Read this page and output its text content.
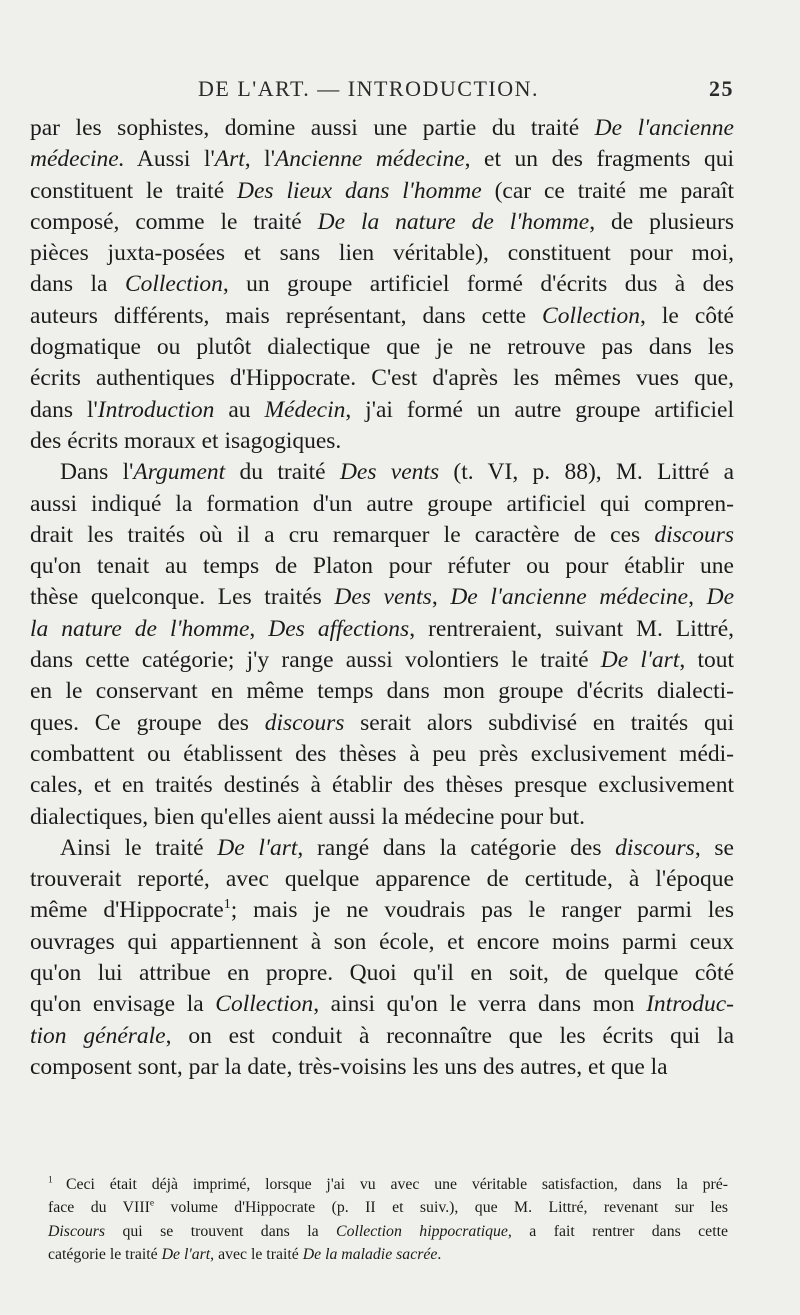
DE L'ART. — INTRODUCTION.	25
par les sophistes, domine aussi une partie du traité De l'ancienne
médecine. Aussi l'Art, l'Ancienne médecine, et un des fragments qui
constituent le traité Des lieux dans l'homme (car ce traité me paraît
composé, comme le traité De la nature de l'homme, de plusieurs
pièces juxta-posées et sans lien véritable), constituent pour moi,
dans la Collection, un groupe artificiel formé d'écrits dus à des
auteurs différents, mais représentant, dans cette Collection, le côté
dogmatique ou plutôt dialectique que je ne retrouve pas dans les
écrits authentiques d'Hippocrate. C'est d'après les mêmes vues que,
dans l'Introduction au Médecin, j'ai formé un autre groupe artificiel
des écrits moraux et isagogiques.
Dans l'Argument du traité Des vents (t. VI, p. 88), M. Littré a
aussi indiqué la formation d'un autre groupe artificiel qui compren-
drait les traités où il a cru remarquer le caractère de ces discours
qu'on tenait au temps de Platon pour réfuter ou pour établir une
thèse quelconque. Les traités Des vents, De l'ancienne médecine, De
la nature de l'homme, Des affections, rentreraient, suivant M. Littré,
dans cette catégorie; j'y range aussi volontiers le traité De l'art, tout
en le conservant en même temps dans mon groupe d'écrits dialecti-
ques. Ce groupe des discours serait alors subdivisé en traités qui
combattent ou établissent des thèses à peu près exclusivement médi-
cales, et en traités destinés à établir des thèses presque exclusivement
dialectiques, bien qu'elles aient aussi la médecine pour but.
Ainsi le traité De l'art, rangé dans la catégorie des discours, se
trouverait reporté, avec quelque apparence de certitude, à l'époque
même d'Hippocrate$^1$; mais je ne voudrais pas le ranger parmi les
ouvrages qui appartiennent à son école, et encore moins parmi ceux
qu'on lui attribue en propre. Quoi qu'il en soit, de quelque côté
qu'on envisage la Collection, ainsi qu'on le verra dans mon Introduc-
tion générale, on est conduit à reconnaître que les écrits qui la
composent sont, par la date, très-voisins les uns des autres, et que la
$^1$ Ceci était déjà imprimé, lorsque j'ai vu avec une véritable satisfaction, dans la pré-
face du VIIIe volume d'Hippocrate (p. II et suiv.), que M. Littré, revenant sur les
Discours qui se trouvent dans la Collection hippocratique, a fait rentrer dans cette
catégorie le traité De l'art, avec le traité De la maladie sacrée.
